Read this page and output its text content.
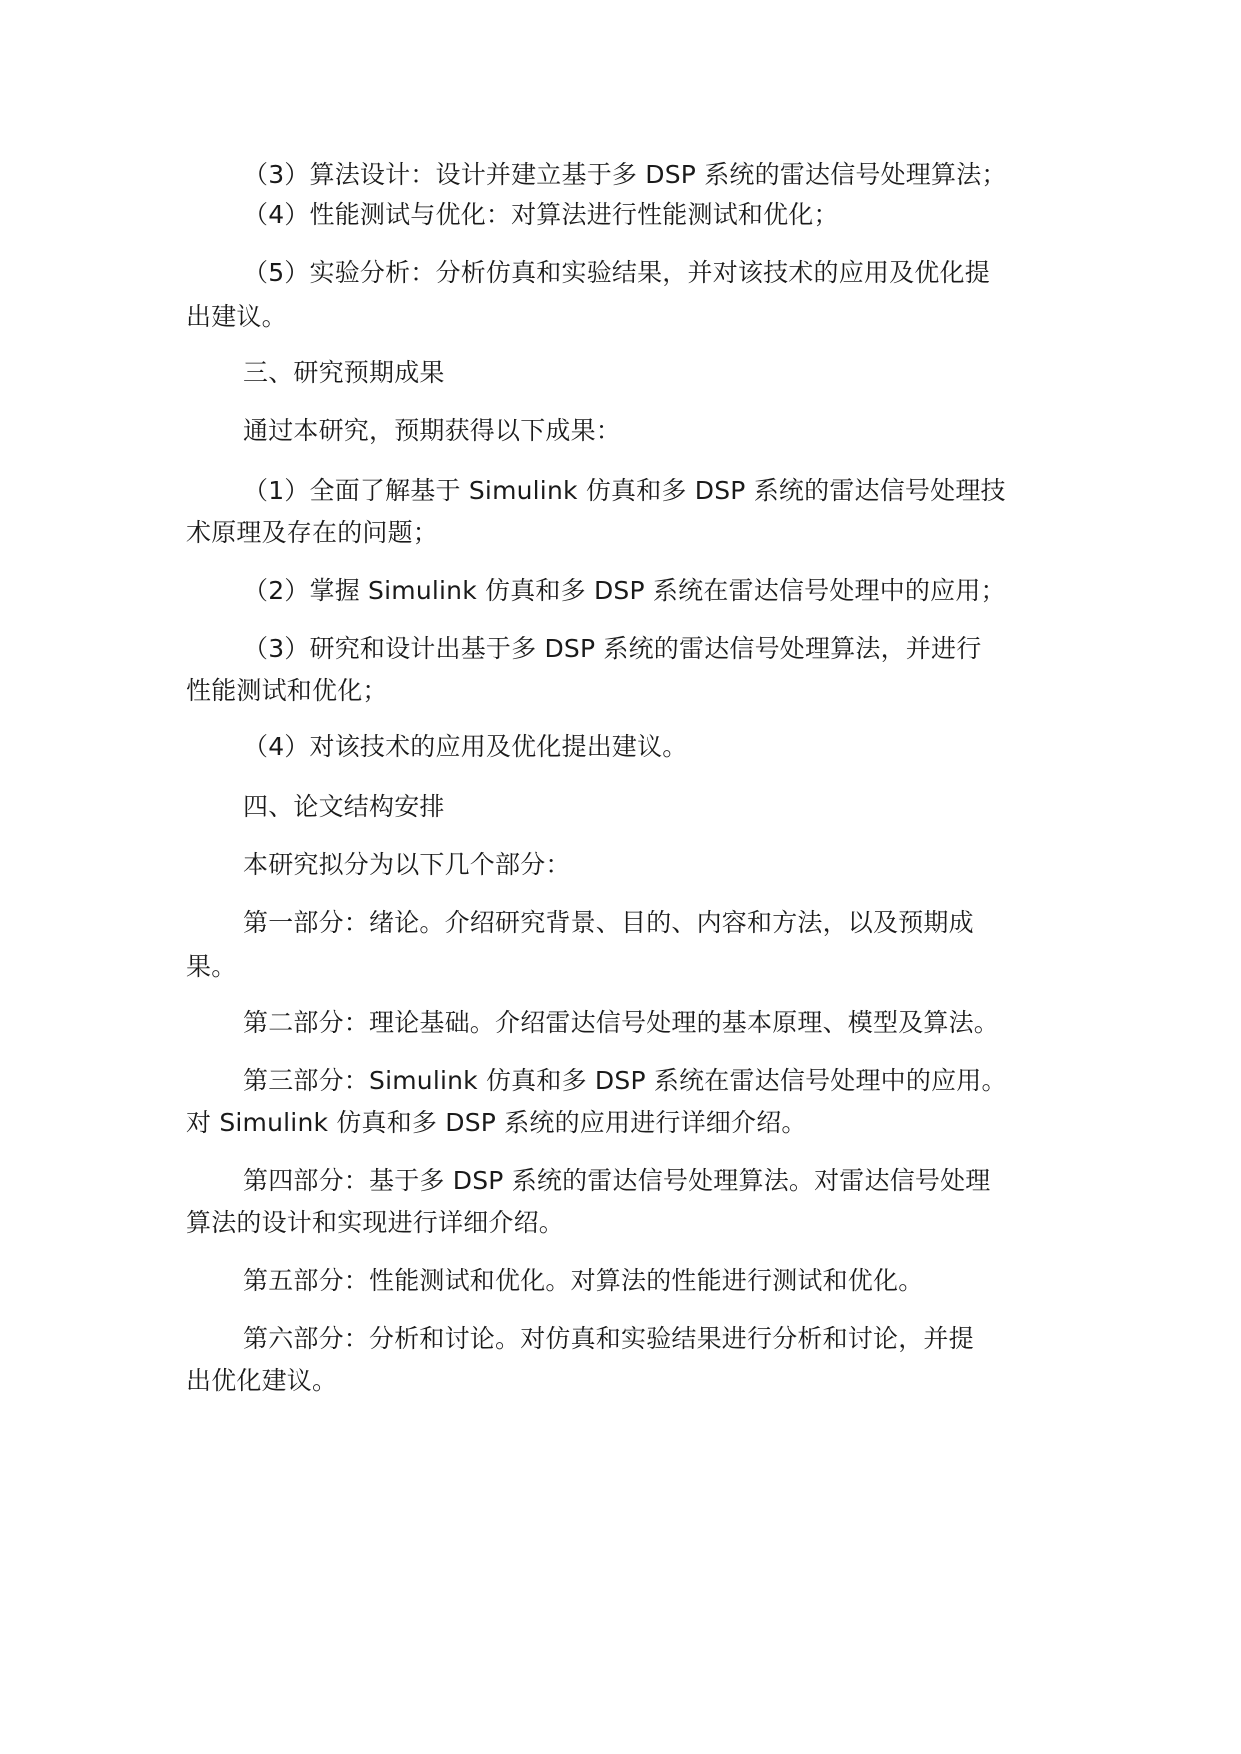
（3）算法设计：设计并建立基于多 DSP 系统的雷达信号处理算法；

（4）性能测试与优化：对算法进行性能测试和优化；

（5）实验分析：分析仿真和实验结果，并对该技术的应用及优化提

出建议。

三、研究预期成果

通过本研究，预期获得以下成果：

（1）全面了解基于 Simulink 仿真和多 DSP 系统的雷达信号处理技

术原理及存在的问题；

（2）掌握 Simulink 仿真和多 DSP 系统在雷达信号处理中的应用；

（3）研究和设计出基于多 DSP 系统的雷达信号处理算法，并进行

性能测试和优化；

（4）对该技术的应用及优化提出建议。

四、论文结构安排

本研究拟分为以下几个部分：

第一部分：绪论。介绍研究背景、目的、内容和方法，以及预期成

果。

第二部分：理论基础。介绍雷达信号处理的基本原理、模型及算法。

第三部分：Simulink 仿真和多 DSP 系统在雷达信号处理中的应用。

对 Simulink 仿真和多 DSP 系统的应用进行详细介绍。

第四部分：基于多 DSP 系统的雷达信号处理算法。对雷达信号处理

算法的设计和实现进行详细介绍。

第五部分：性能测试和优化。对算法的性能进行测试和优化。

第六部分：分析和讨论。对仿真和实验结果进行分析和讨论，并提

出优化建议。
